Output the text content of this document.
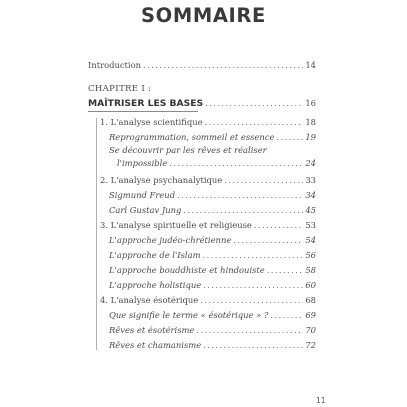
SOMMAIRE
Introduction .....	14
CHAPITRE I :
MAÎTRISER LES BASES .....	16
1. L'analyse scientifique .....	18
Reprogrammation, sommeil et essence .....	19
Se découvrir par les rêves et réaliser
l'impossible .....	24
2. L'analyse psychanalytique .....	33
Sigmund Freud .....	34
Carl Gustav Jung .....	45
3. L'analyse spirituelle et religieuse .....	53
L'approche judéo-chrétienne .....	54
L'approche de l'Islam .....	56
L'approche bouddhiste et hindouiste .....	58
L'approche holistique .....	60
4. L'analyse ésotérique .....	68
Que signifie le terme « ésotérique » ? .....	69
Rêves et ésotérisme .....	70
Rêves et chamanisme .....	72
11
